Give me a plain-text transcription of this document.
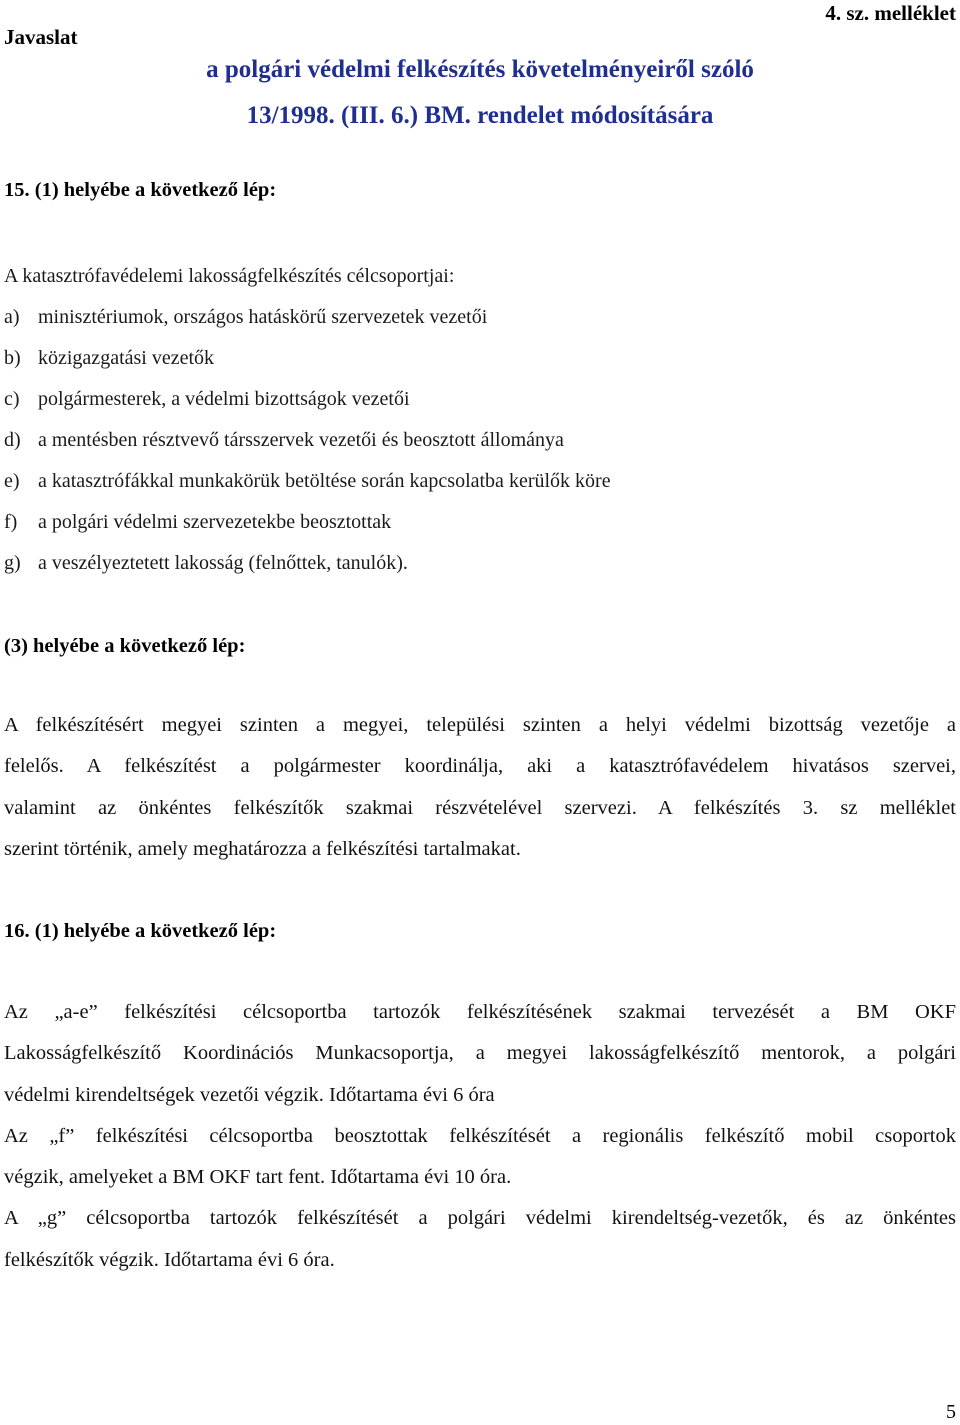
Javaslat
4. sz. melléklet
a polgári védelmi felkészítés követelményeiről szóló
13/1998. (III. 6.) BM. rendelet módosítására
15. (1) helyébe a következő lép:
A katasztrófavédelemi lakosságfelkészítés célcsoportjai:
a) minisztériumok, országos hatáskörű szervezetek vezetői
b) közigazgatási vezetők
c) polgármesterek, a védelmi bizottságok vezetői
d) a mentésben résztvevő társszervek vezetői és beosztott állománya
e) a katasztrófákkal munkakörük betöltése során kapcsolatba kerülők köre
f) a polgári védelmi szervezetekbe beosztottak
g) a veszélyeztetett lakosság (felnőttek, tanulók).
(3) helyébe a következő lép:
A felkészítésért megyei szinten a megyei, települési szinten a helyi védelmi bizottság vezetője a
felelős. A felkészítést a polgármester koordinálja, aki a katasztrófavédelem hivatásos szervei,
valamint az önkéntes felkészítők szakmai részvételével szervezi. A felkészítés 3. sz melléklet
szerint történik, amely meghatározza a felkészítési tartalmakat.
16. (1) helyébe a következő lép:
Az „a-e” felkészítési célcsoportba tartozók felkészítésének szakmai tervezését a BM OKF
Lakosságfelkészítő Koordinációs Munkacsoportja, a megyei lakosságfelkészítő mentorok, a polgári
védelmi kirendeltségek vezetői végzik. Időtartama évi 6 óra
Az „f” felkészítési célcsoportba beosztottak felkészítését a regionális felkészítő mobil csoportok
végzik, amelyeket a BM OKF tart fent. Időtartama évi 10 óra.
A „g” célcsoportba tartozók felkészítését a polgári védelmi kirendeltség-vezetők, és az önkéntes
felkészítők végzik. Időtartama évi 6 óra.
5
